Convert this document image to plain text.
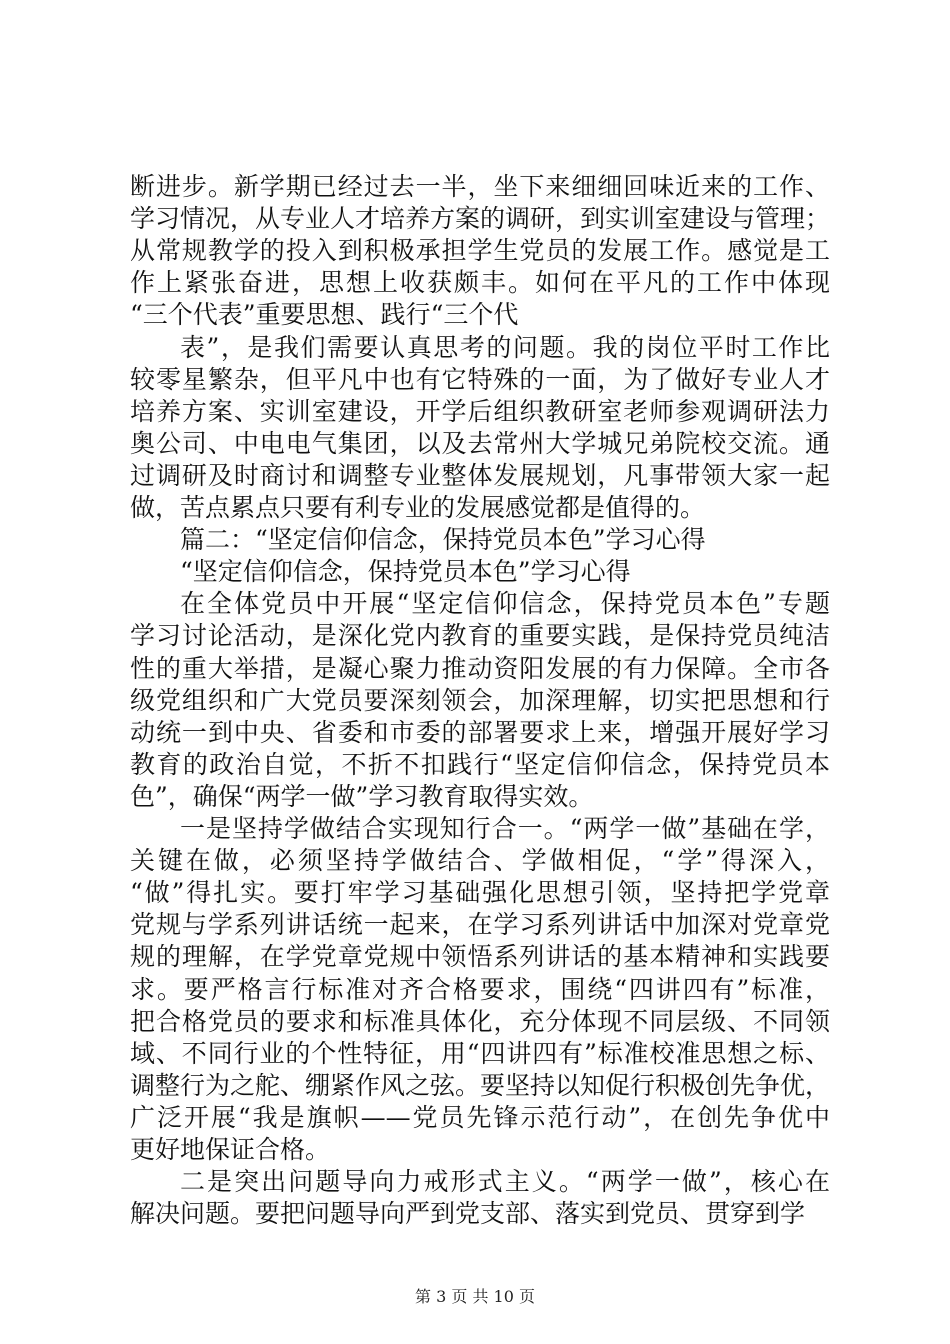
断进步。新学期已经过去一半，坐下来细细回味近来的工作、
学习情况，从专业人才培养方案的调研，到实训室建设与管理；
从常规教学的投入到积极承担学生党员的发展工作。感觉是工
作上紧张奋进，思想上收获颇丰。如何在平凡的工作中体现
“三个代表”重要思想、践行“三个代
表”，是我们需要认真思考的问题。我的岗位平时工作比
较零星繁杂，但平凡中也有它特殊的一面，为了做好专业人才
培养方案、实训室建设，开学后组织教研室老师参观调研法力
奥公司、中电电气集团，以及去常州大学城兄弟院校交流。通
过调研及时商讨和调整专业整体发展规划，凡事带领大家一起
做，苦点累点只要有利专业的发展感觉都是值得的。
篇二：“坚定信仰信念，保持党员本色”学习心得
“坚定信仰信念，保持党员本色”学习心得
在全体党员中开展“坚定信仰信念，保持党员本色”专题
学习讨论活动，是深化党内教育的重要实践，是保持党员纯洁
性的重大举措，是凝心聚力推动资阳发展的有力保障。全市各
级党组织和广大党员要深刻领会，加深理解，切实把思想和行
动统一到中央、省委和市委的部署要求上来，增强开展好学习
教育的政治自觉，不折不扣践行“坚定信仰信念，保持党员本
色”，确保“两学一做”学习教育取得实效。
一是坚持学做结合实现知行合一。“两学一做”基础在学，
关键在做，必须坚持学做结合、学做相促，“学”得深入，
“做”得扎实。要打牢学习基础强化思想引领，坚持把学党章
党规与学系列讲话统一起来，在学习系列讲话中加深对党章党
规的理解，在学党章党规中领悟系列讲话的基本精神和实践要
求。要严格言行标准对齐合格要求，围绕“四讲四有”标准，
把合格党员的要求和标准具体化，充分体现不同层级、不同领
域、不同行业的个性特征，用“四讲四有”标准校准思想之标、
调整行为之舵、绷紧作风之弦。要坚持以知促行积极创先争优，
广泛开展“我是旗帜——党员先锋示范行动”，在创先争优中
更好地保证合格。
二是突出问题导向力戒形式主义。“两学一做”，核心在
解决问题。要把问题导向严到党支部、落实到党员、贯穿到学
第 3 页 共 10 页
